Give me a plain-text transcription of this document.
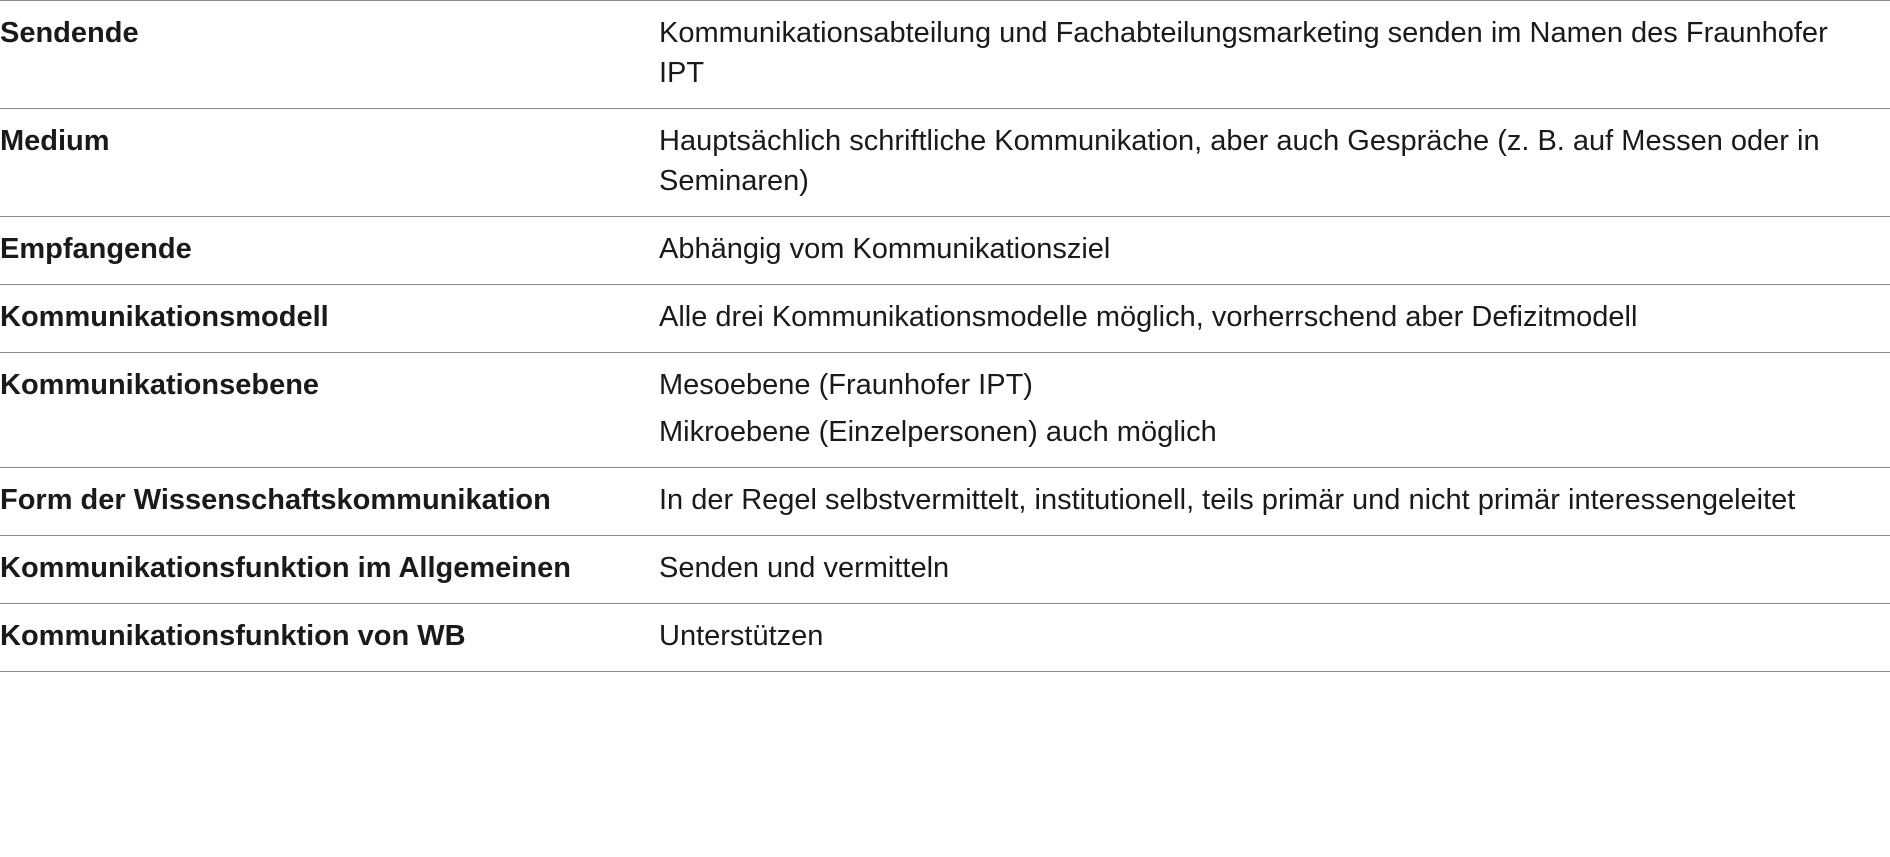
Sendende	Kommunikationsabteilung und Fachabteilungsmarketing senden im Namen des Fraunhofer IPT
Medium	Hauptsächlich schriftliche Kommunikation, aber auch Gespräche (z. B. auf Messen oder in Seminaren)
Empfangende	Abhängig vom Kommunikationsziel
Kommunikationsmodell	Alle drei Kommunikationsmodelle möglich, vorherrschend aber Defizitmodell
Kommunikationsebene	Mesoebene (Fraunhofer IPT)
Mikroebene (Einzelpersonen) auch möglich

Form der Wissenschaftskommunikation	In der Regel selbstvermittelt, institutionell, teils primär und nicht primär interessengeleitet
Kommunikationsfunktion im Allgemeinen	Senden und vermitteln
Kommunikationsfunktion von WB	Unterstützen
